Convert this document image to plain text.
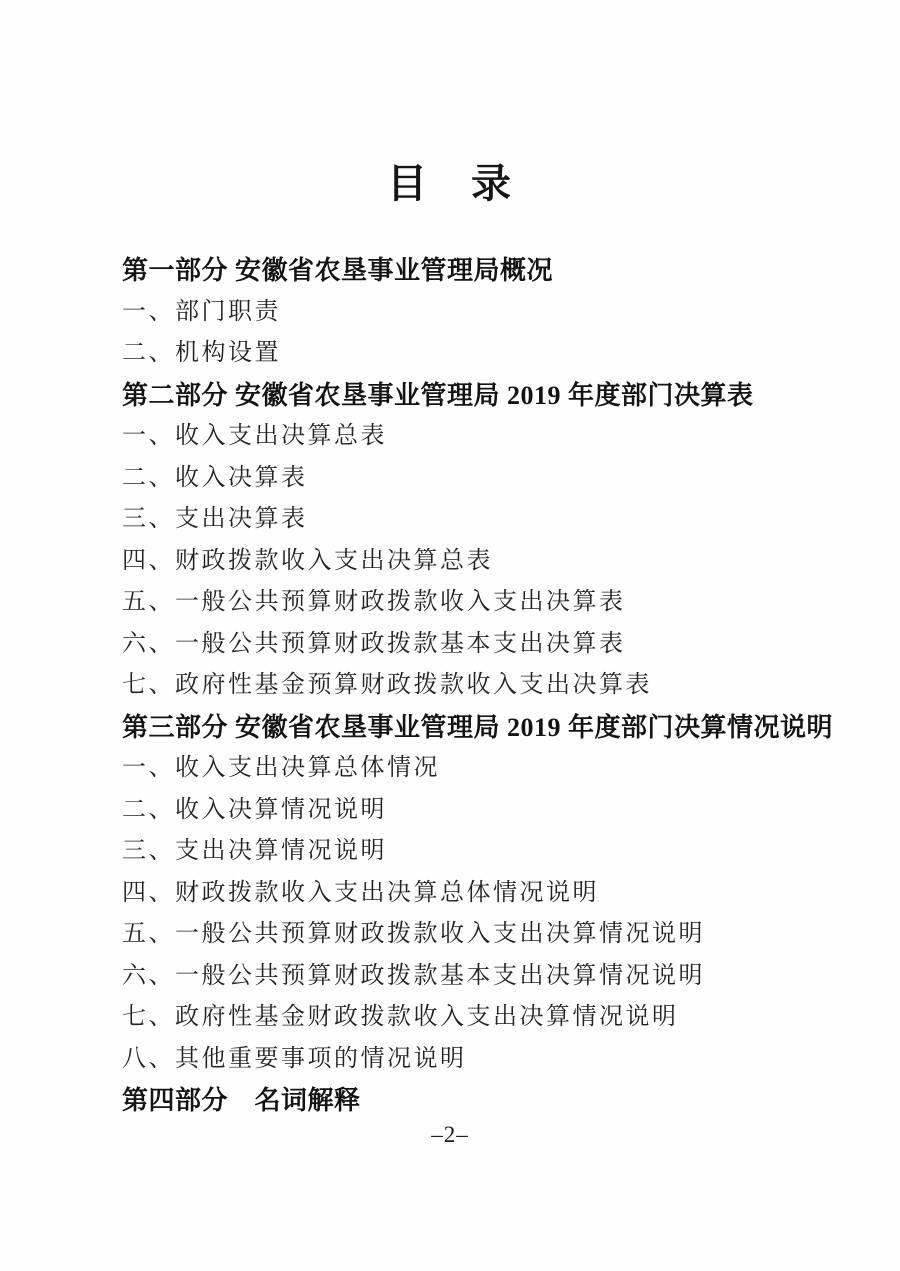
目　录
第一部分 安徽省农垦事业管理局概况
一、部门职责
二、机构设置
第二部分 安徽省农垦事业管理局 2019 年度部门决算表
一、收入支出决算总表
二、收入决算表
三、支出决算表
四、财政拨款收入支出决算总表
五、一般公共预算财政拨款收入支出决算表
六、一般公共预算财政拨款基本支出决算表
七、政府性基金预算财政拨款收入支出决算表
第三部分 安徽省农垦事业管理局 2019 年度部门决算情况说明
一、收入支出决算总体情况
二、收入决算情况说明
三、支出决算情况说明
四、财政拨款收入支出决算总体情况说明
五、一般公共预算财政拨款收入支出决算情况说明
六、一般公共预算财政拨款基本支出决算情况说明
七、政府性基金财政拨款收入支出决算情况说明
八、其他重要事项的情况说明
第四部分　名词解释
–2–
